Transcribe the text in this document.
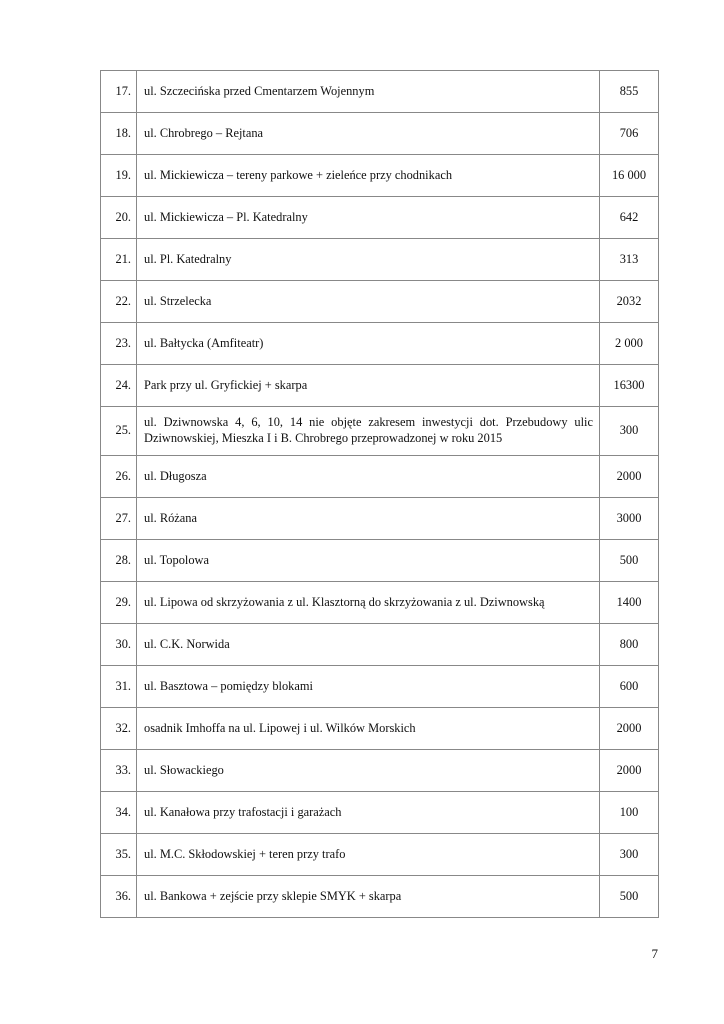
17.	ul. Szczecińska przed Cmentarzem Wojennym	855
18.	ul. Chrobrego – Rejtana	706
19.	ul. Mickiewicza – tereny parkowe + zieleńce przy chodnikach	16 000
20.	ul. Mickiewicza – Pl. Katedralny	642
21.	ul. Pl. Katedralny	313
22.	ul. Strzelecka	2032
23.	ul. Bałtycka (Amfiteatr)	2 000
24.	Park przy ul. Gryfickiej + skarpa	16300
25.	ul. Dziwnowska 4, 6, 10, 14 nie objęte zakresem inwestycji dot. Przebudowy ulic Dziwnowskiej, Mieszka I i B. Chrobrego przeprowadzonej w roku 2015	300
26.	ul. Długosza	2000
27.	ul. Różana	3000
28.	ul. Topolowa	500
29.	ul. Lipowa od skrzyżowania z ul. Klasztorną do skrzyżowania z ul. Dziwnowską	1400
30.	ul. C.K. Norwida	800
31.	ul. Basztowa – pomiędzy blokami	600
32.	osadnik Imhoffa na ul. Lipowej i ul. Wilków Morskich	2000
33.	ul. Słowackiego	2000
34.	ul. Kanałowa przy trafostacji i garażach	100
35.	ul. M.C. Skłodowskiej + teren przy trafo	300
36.	ul. Bankowa + zejście przy sklepie SMYK + skarpa	500
7
